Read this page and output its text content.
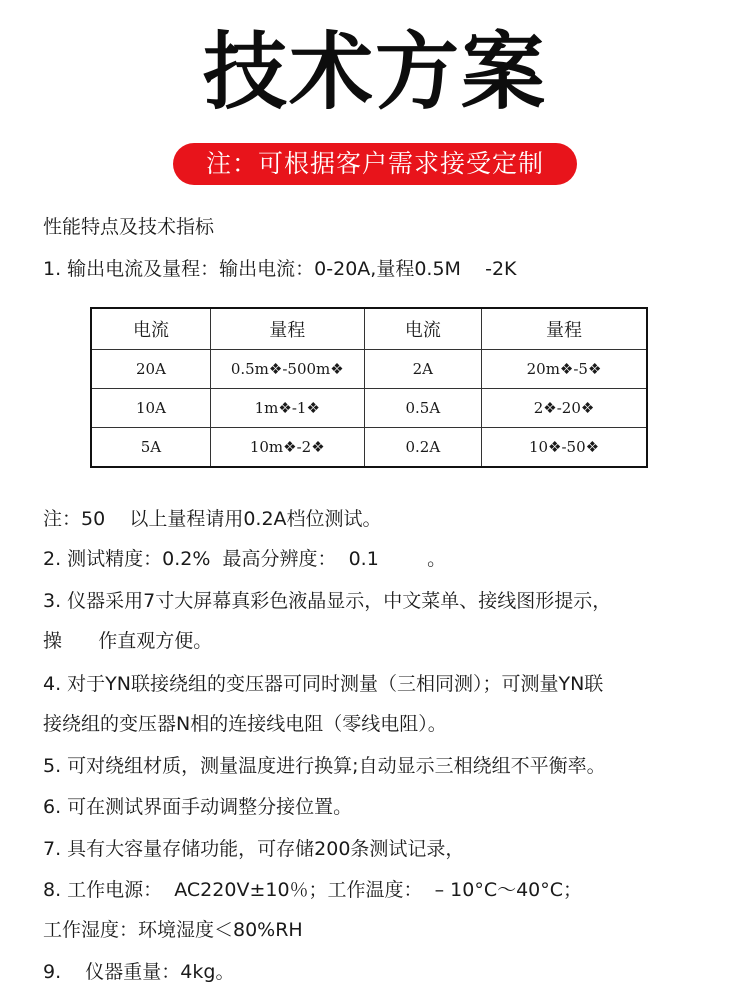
技术方案
注：可根据客户需求接受定制
性能特点及技术指标
1. 输出电流及量程：输出电流：0-20A,量程0.5M    -2K
电流	量程	电流	量程
20A	0.5m❖-500m❖	2A	20m❖-5❖
10A	1m❖-1❖	0.5A	2❖-20❖
5A	10m❖-2❖	0.2A	10❖-50❖
注：50    以上量程请用0.2A档位测试。
2. 测试精度：0.2%  最高分辨度：  0.1        。
3. 仪器采用7寸大屏幕真彩色液晶显示，中文菜单、接线图形提示，
操      作直观方便。
4. 对于YN联接绕组的变压器可同时测量（三相同测）；可测量YN联
接绕组的变压器N相的连接线电阻（零线电阻）。
5. 可对绕组材质，测量温度进行换算;自动显示三相绕组不平衡率。
6. 可在测试界面手动调整分接位置。
7. 具有大容量存储功能，可存储200条测试记录，
8. 工作电源：  AC220V±10％；工作温度：  – 10°C～40°C；
工作湿度：环境湿度＜80%RH
9.    仪器重量：4kg。
